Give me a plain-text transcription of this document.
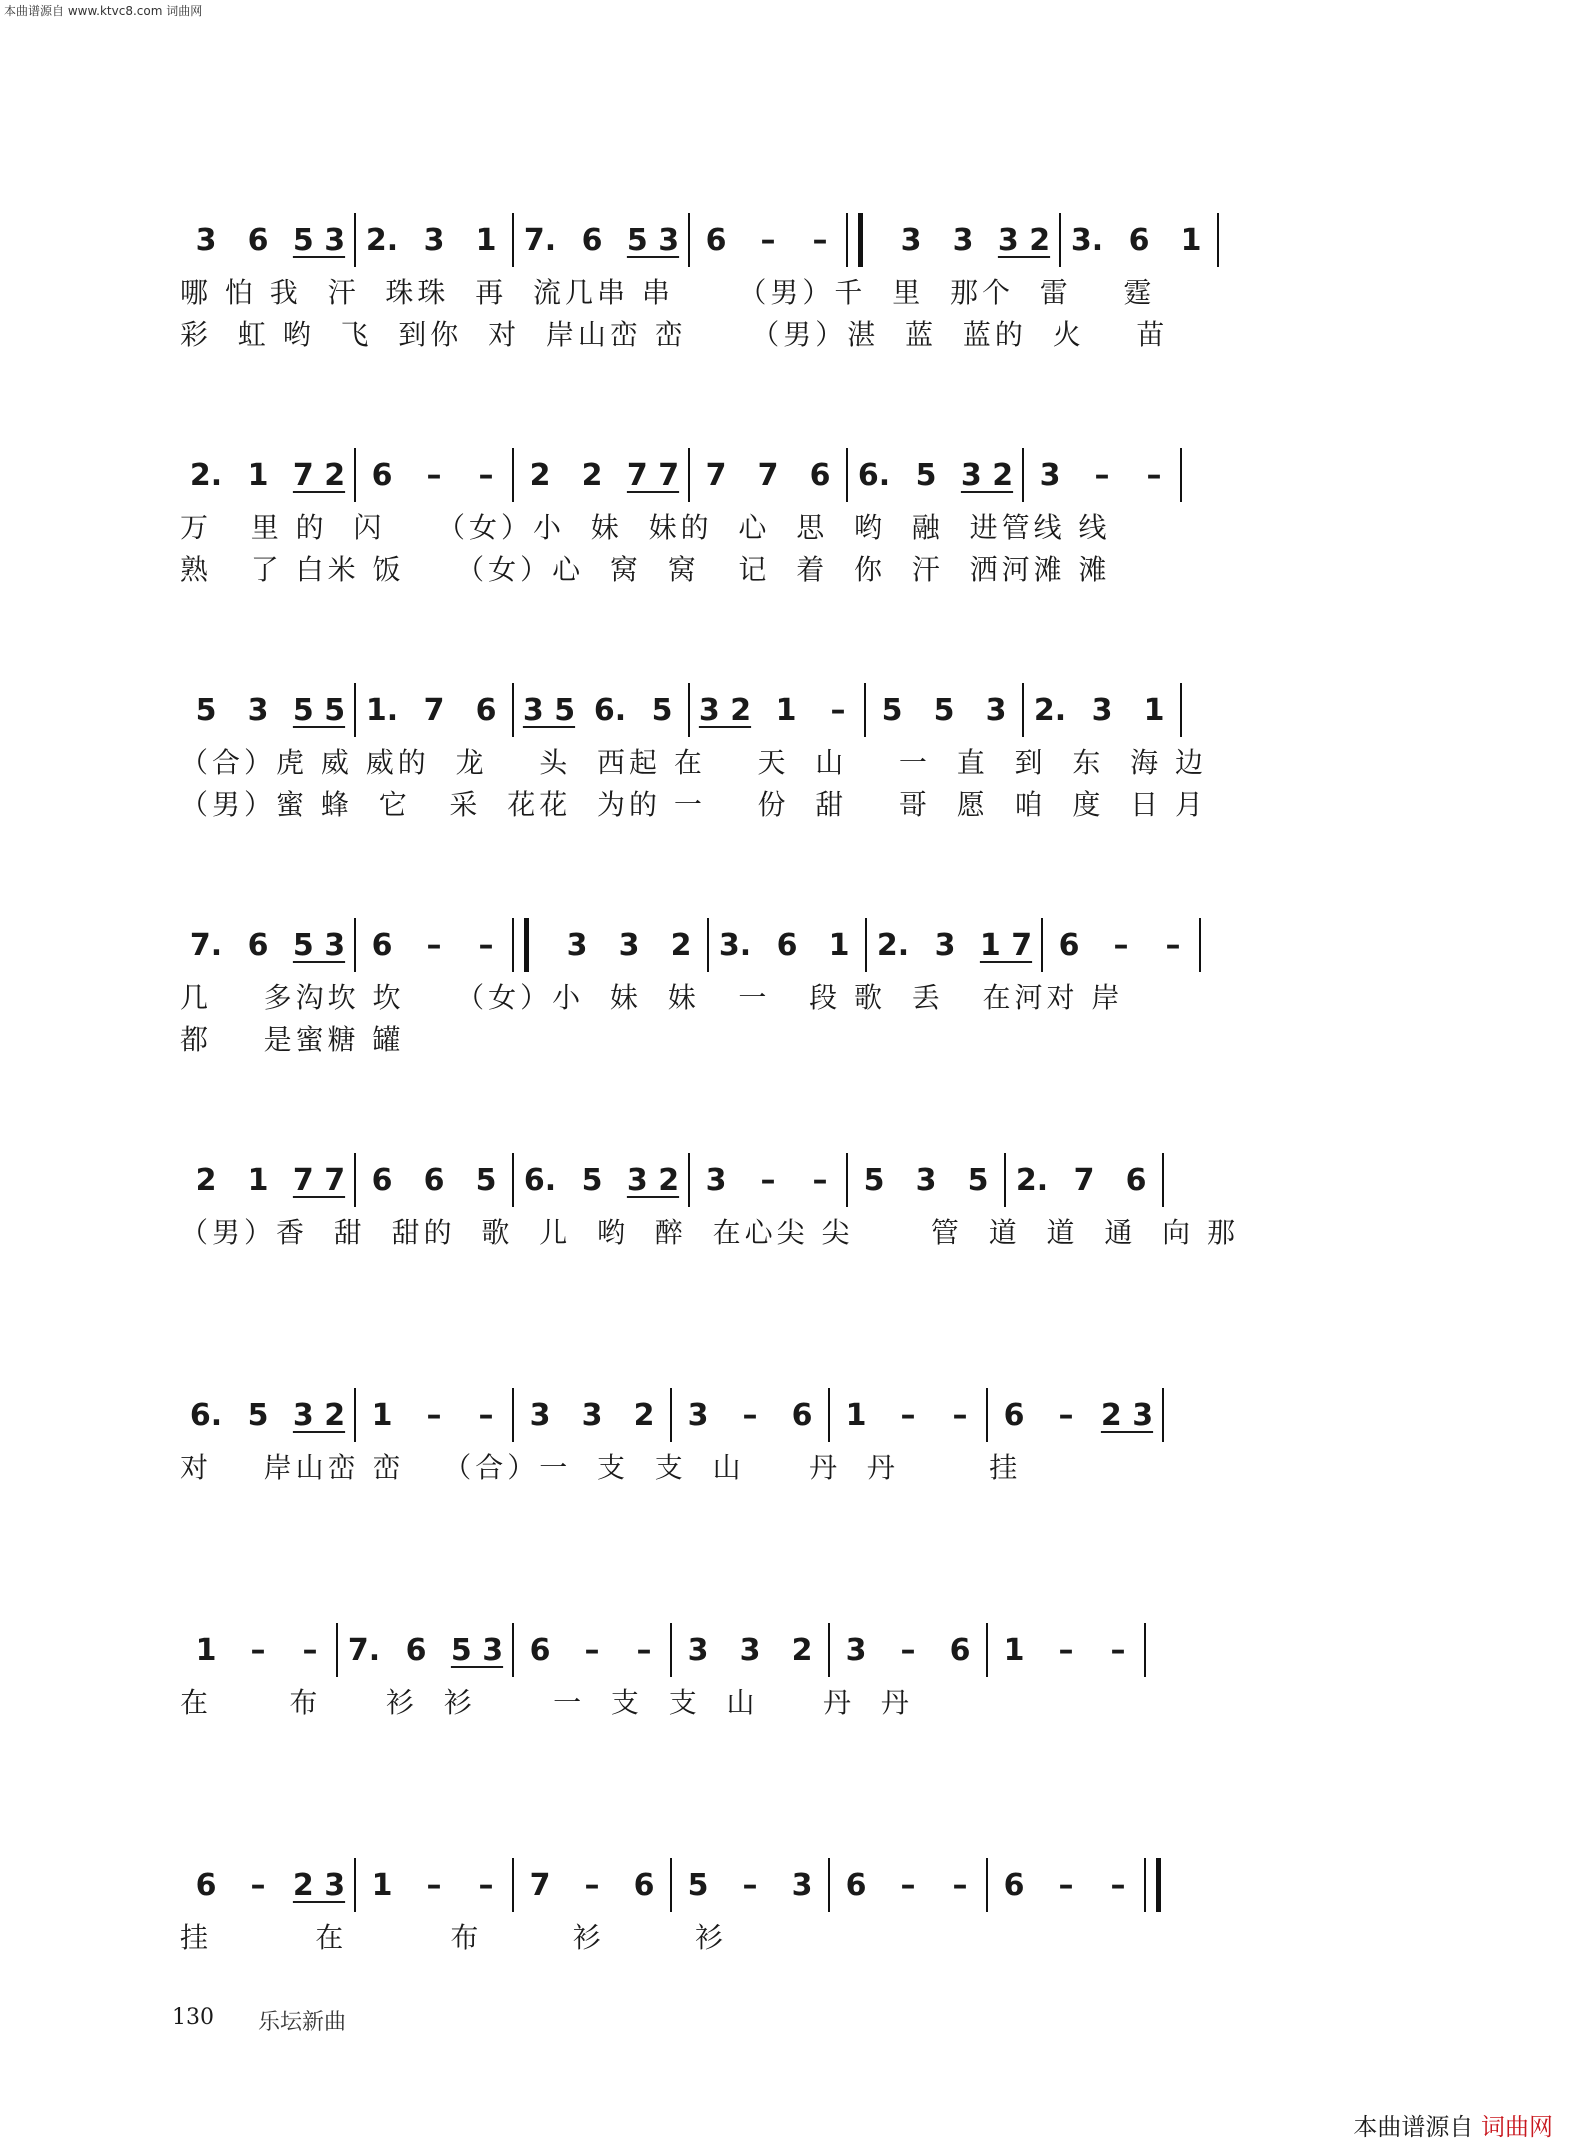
本曲谱源自 www.ktvc8.com 词曲网
3	6 5 3 2. 3	1 7. 6 5 3 6	–	–	3	3 3 2 3. 6	1
哪 怕 我  汗  珠珠  再  流几串 串     （男）千  里  那个  雷    霆
彩  虹 哟  飞  到你  对  岸山峦 峦     （男）湛  蓝  蓝的  火    苗
2. 1 7 2 6	–	–	2	2 7 7 7	7	6 6. 5 3 2 3	–	–
万   里 的  闪    （女）小  妹  妹的  心  思  哟  融  进管线 线
熟   了 白米 饭    （女）心  窝  窝   记  着  你  汗  洒河滩 滩
5	3 5 5 1. 7	6 3 5 6. 5 3 2 1	–	5	5	3 2. 3	1
（合）虎 威 威的  龙    头  西起 在    天  山    一  直  到  东  海 边
（男）蜜 蜂  它   采  花花  为的 一    份  甜    哥  愿  咱  度  日 月
7. 6 5 3 6	–	–	3	3	2 3. 6	1 2. 3 1 7 6	–	–
几    多沟坎 坎    （女）小  妹  妹   一   段 歌  丢   在河对 岸
都    是蜜糖 罐
2	1 7 7 6	6	5 6. 5 3 2 3	–	–	5	3	5 2. 7	6
（男）香  甜  甜的  歌  儿  哟  醉  在心尖 尖      管  道  道  通  向 那
6. 5 3 2 1	–	–	3	3	2	3	–	6	1	–	–	6	– 2 3
对    岸山峦 峦   （合）一  支  支  山     丹  丹       挂
1	–	–	7. 6 5 3 6	–	–	3	3	2	3	–	6	1	–	–
在      布     衫  衫      一  支  支  山     丹  丹
6	– 2 3 1	–	–	7	–	6	5	–	3	6	–	–	6	–	–
挂        在        布       衫       衫
130 乐坛新曲
本曲谱源自 词曲网
